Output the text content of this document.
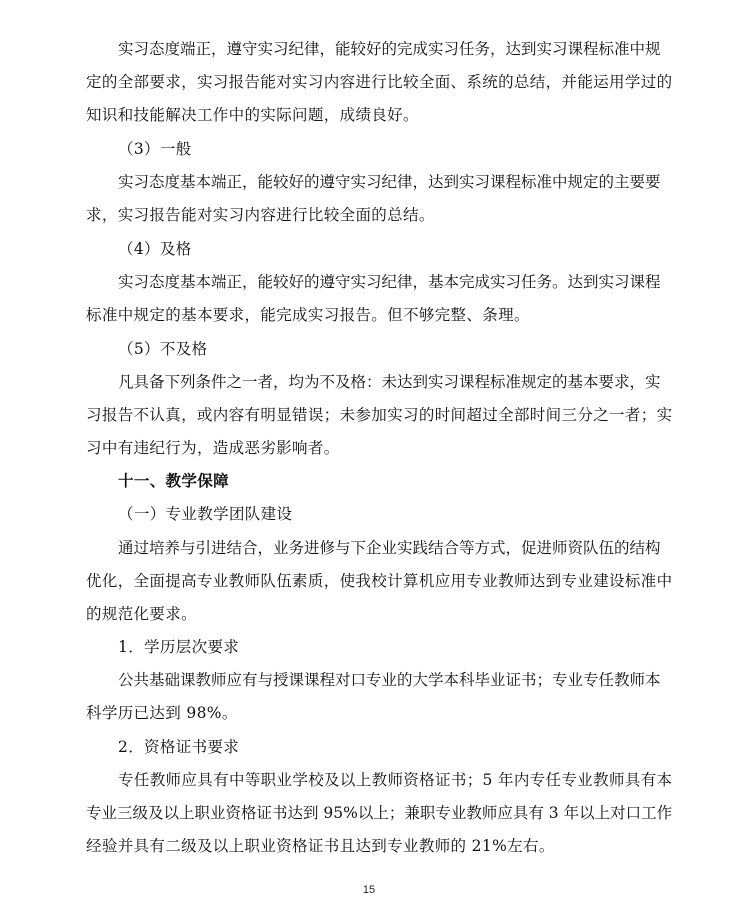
实习态度端正，遵守实习纪律，能较好的完成实习任务，达到实习课程标准中规
定的全部要求，实习报告能对实习内容进行比较全面、系统的总结，并能运用学过的
知识和技能解决工作中的实际问题，成绩良好。
（3）一般
实习态度基本端正，能较好的遵守实习纪律，达到实习课程标准中规定的主要要
求，实习报告能对实习内容进行比较全面的总结。
（4）及格
实习态度基本端正，能较好的遵守实习纪律，基本完成实习任务。达到实习课程
标准中规定的基本要求，能完成实习报告。但不够完整、条理。
（5）不及格
凡具备下列条件之一者，均为不及格：未达到实习课程标准规定的基本要求，实
习报告不认真，或内容有明显错误；未参加实习的时间超过全部时间三分之一者；实
习中有违纪行为，造成恶劣影响者。
十一、教学保障
（一）专业教学团队建设
通过培养与引进结合，业务进修与下企业实践结合等方式，促进师资队伍的结构
优化，全面提高专业教师队伍素质，使我校计算机应用专业教师达到专业建设标准中
的规范化要求。
1．学历层次要求
公共基础课教师应有与授课课程对口专业的大学本科毕业证书；专业专任教师本
科学历已达到 98%。
2．资格证书要求
专任教师应具有中等职业学校及以上教师资格证书；5 年内专任专业教师具有本
专业三级及以上职业资格证书达到 95%以上；兼职专业教师应具有 3 年以上对口工作
经验并具有二级及以上职业资格证书且达到专业教师的 21%左右。
15
